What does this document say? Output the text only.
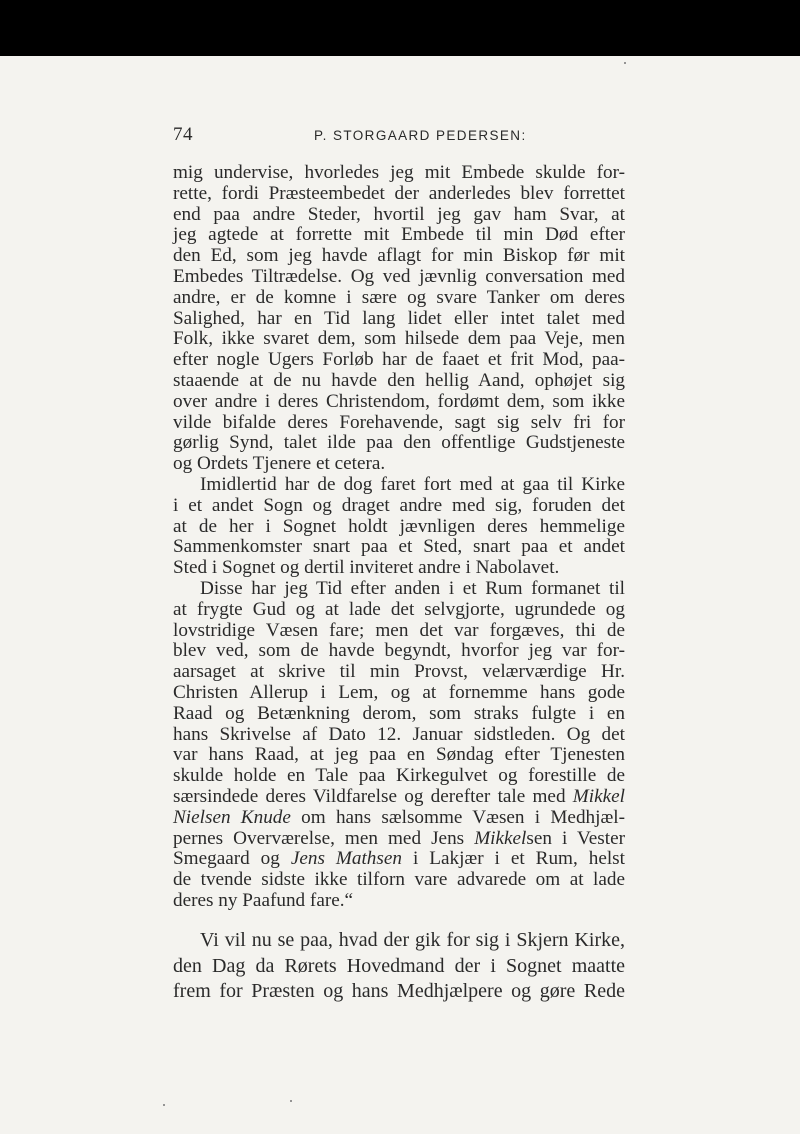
74	P. STORGAARD PEDERSEN:
mig undervise, hvorledes jeg mit Embede skulde for-
rette, fordi Præsteembedet der anderledes blev forrettet
end paa andre Steder, hvortil jeg gav ham Svar, at
jeg agtede at forrette mit Embede til min Død efter
den Ed, som jeg havde aflagt for min Biskop før mit
Embedes Tiltrædelse. Og ved jævnlig conversation med
andre, er de komne i sære og svare Tanker om deres
Salighed, har en Tid lang lidet eller intet talet med
Folk, ikke svaret dem, som hilsede dem paa Veje, men
efter nogle Ugers Forløb har de faaet et frit Mod, paa-
staaende at de nu havde den hellig Aand, ophøjet sig
over andre i deres Christendom, fordømt dem, som ikke
vilde bifalde deres Forehavende, sagt sig selv fri for
gørlig Synd, talet ilde paa den offentlige Gudstjeneste
og Ordets Tjenere et cetera.
Imidlertid har de dog faret fort med at gaa til Kirke
i et andet Sogn og draget andre med sig, foruden det
at de her i Sognet holdt jævnligen deres hemmelige
Sammenkomster snart paa et Sted, snart paa et andet
Sted i Sognet og dertil inviteret andre i Nabolavet.
Disse har jeg Tid efter anden i et Rum formanet til
at frygte Gud og at lade det selvgjorte, ugrundede og
lovstridige Væsen fare; men det var forgæves, thi de
blev ved, som de havde begyndt, hvorfor jeg var for-
aarsaget at skrive til min Provst, velærværdige Hr.
Christen Allerup i Lem, og at fornemme hans gode
Raad og Betænkning derom, som straks fulgte i en
hans Skrivelse af Dato 12. Januar sidstleden. Og det
var hans Raad, at jeg paa en Søndag efter Tjenesten
skulde holde en Tale paa Kirkegulvet og forestille de
særsindede deres Vildfarelse og derefter tale med Mikkel
Nielsen Knude om hans sælsomme Væsen i Medhjæl-
pernes Overværelse, men med Jens Mikkelsen i Vester
Smegaard og Jens Mathsen i Lakjær i et Rum, helst
de tvende sidste ikke tilforn vare advarede om at lade
deres ny Paafund fare.“
Vi vil nu se paa, hvad der gik for sig i Skjern Kirke,
den Dag da Rørets Hovedmand der i Sognet maatte
frem for Præsten og hans Medhjælpere og gøre Rede
